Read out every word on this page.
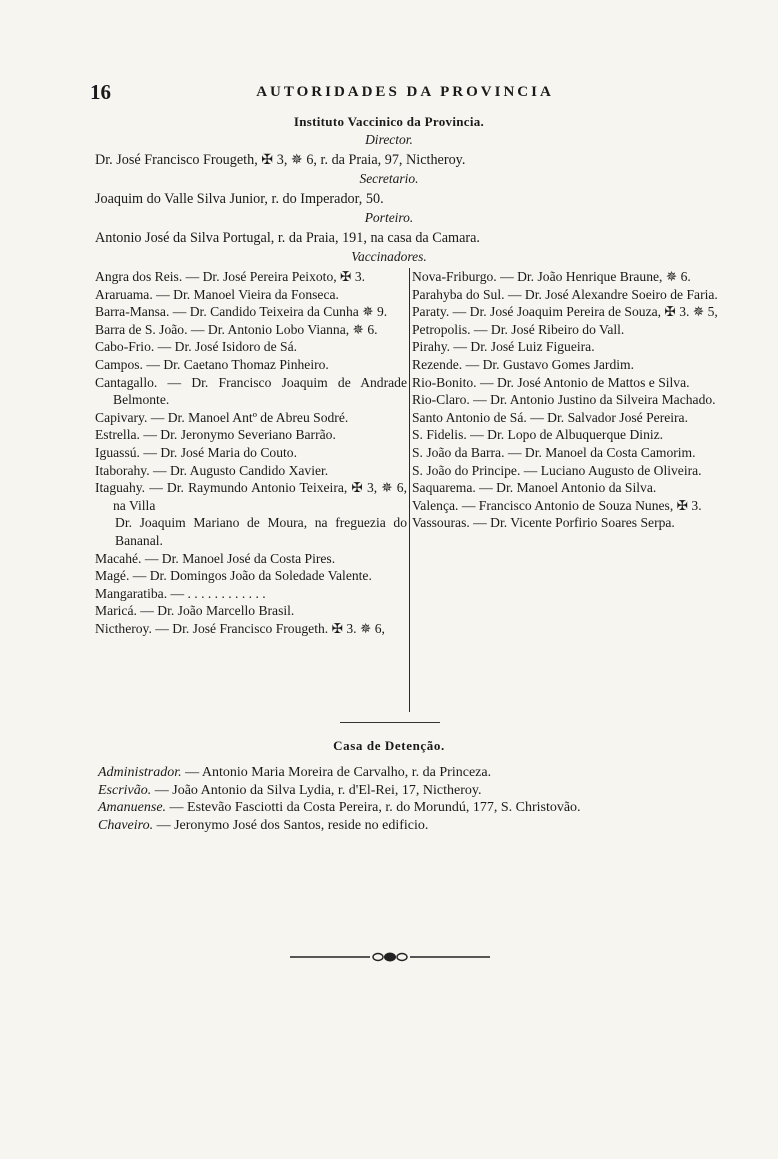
16	AUTORIDADES DA PROVINCIA
Instituto Vaccinico da Provincia.
Director.
Dr. José Francisco Frougeth, ✠ 3, ✵ 6, r. da Praia, 97, Nictheroy.
Secretario.
Joaquim do Valle Silva Junior, r. do Imperador, 50.
Porteiro.
Antonio José da Silva Portugal, r. da Praia, 191, na casa da Camara.
Vaccinadores.

Angra dos Reis. — Dr. José Pereira Peixoto, ✠ 3.

Araruama. — Dr. Manoel Vieira da Fonseca.

Barra-Mansa. — Dr. Candido Teixeira da Cunha ✵ 9.

Barra de S. João. — Dr. Antonio Lobo Vianna, ✵ 6.

Cabo-Frio. — Dr. José Isidoro de Sá.

Campos. — Dr. Caetano Thomaz Pinheiro.

Cantagallo. — Dr. Francisco Joaquim de Andrade Belmonte.

Capivary. — Dr. Manoel Antº de Abreu Sodré.

Estrella. — Dr. Jeronymo Severiano Barrão.

Iguassú. — Dr. José Maria do Couto.

Itaborahy. — Dr. Augusto Candido Xavier.

Itaguahy. — Dr. Raymundo Antonio Teixeira, ✠ 3, ✵ 6, na Villa

Dr. Joaquim Mariano de Moura, na freguezia do Bananal.

Macahé. — Dr. Manoel José da Costa Pires.

Magé. — Dr. Domingos João da Soledade Valente.

Mangaratiba. — . . . . . . . . . . . .

Maricá. — Dr. João Marcello Brasil.

Nictheroy. — Dr. José Francisco Frougeth. ✠ 3. ✵ 6,

Nova-Friburgo. — Dr. João Henrique Braune, ✵ 6.

Parahyba do Sul. — Dr. José Alexandre Soeiro de Faria.

Paraty. — Dr. José Joaquim Pereira de Souza, ✠ 3. ✵ 5,

Petropolis. — Dr. José Ribeiro do Vall.

Pirahy. — Dr. José Luiz Figueira.

Rezende. — Dr. Gustavo Gomes Jardim.

Rio-Bonito. — Dr. José Antonio de Mattos e Silva.

Rio-Claro. — Dr. Antonio Justino da Silveira Machado.

Santo Antonio de Sá. — Dr. Salvador José Pereira.

S. Fidelis. — Dr. Lopo de Albuquerque Diniz.

S. João da Barra. — Dr. Manoel da Costa Camorim.

S. João do Principe. — Luciano Augusto de Oliveira.

Saquarema. — Dr. Manoel Antonio da Silva.

Valença. — Francisco Antonio de Souza Nunes, ✠ 3.

Vassouras. — Dr. Vicente Porfirio Soares Serpa.

Casa de Detenção.

Administrador. — Antonio Maria Moreira de Carvalho, r. da Princeza.

Escrivão. — João Antonio da Silva Lydia, r. d'El-Rei, 17, Nictheroy.

Amanuense. — Estevão Fasciotti da Costa Pereira, r. do Morundú, 177, S. Christovão.

Chaveiro. — Jeronymo José dos Santos, reside no edificio.
